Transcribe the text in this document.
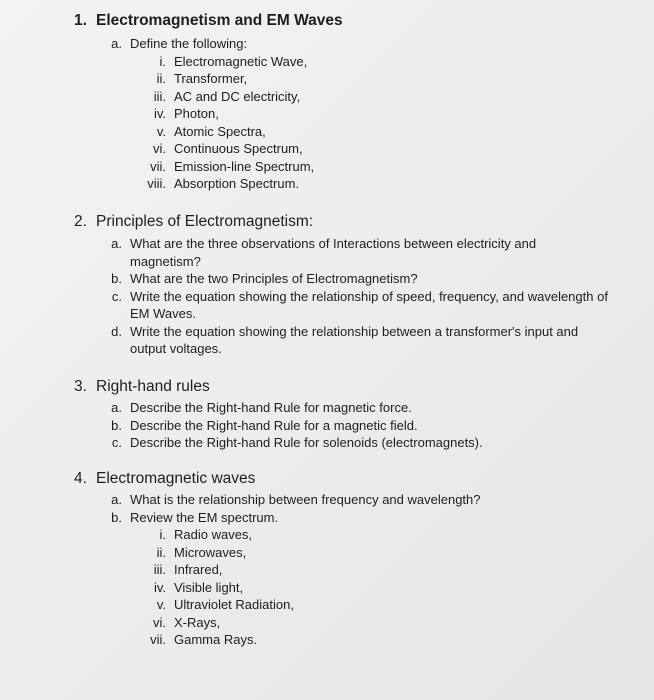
1. Electromagnetism and EM Waves
a. Define the following:
i. Electromagnetic Wave,
ii. Transformer,
iii. AC and DC electricity,
iv. Photon,
v. Atomic Spectra,
vi. Continuous Spectrum,
vii. Emission-line Spectrum,
viii. Absorption Spectrum.
2. Principles of Electromagnetism:
a. What are the three observations of Interactions between electricity and magnetism?
b. What are the two Principles of Electromagnetism?
c. Write the equation showing the relationship of speed, frequency, and wavelength of EM Waves.
d. Write the equation showing the relationship between a transformer's input and output voltages.
3. Right-hand rules
a. Describe the Right-hand Rule for magnetic force.
b. Describe the Right-hand Rule for a magnetic field.
c. Describe the Right-hand Rule for solenoids (electromagnets).
4. Electromagnetic waves
a. What is the relationship between frequency and wavelength?
b. Review the EM spectrum.
i. Radio waves,
ii. Microwaves,
iii. Infrared,
iv. Visible light,
v. Ultraviolet Radiation,
vi. X-Rays,
vii. Gamma Rays.
